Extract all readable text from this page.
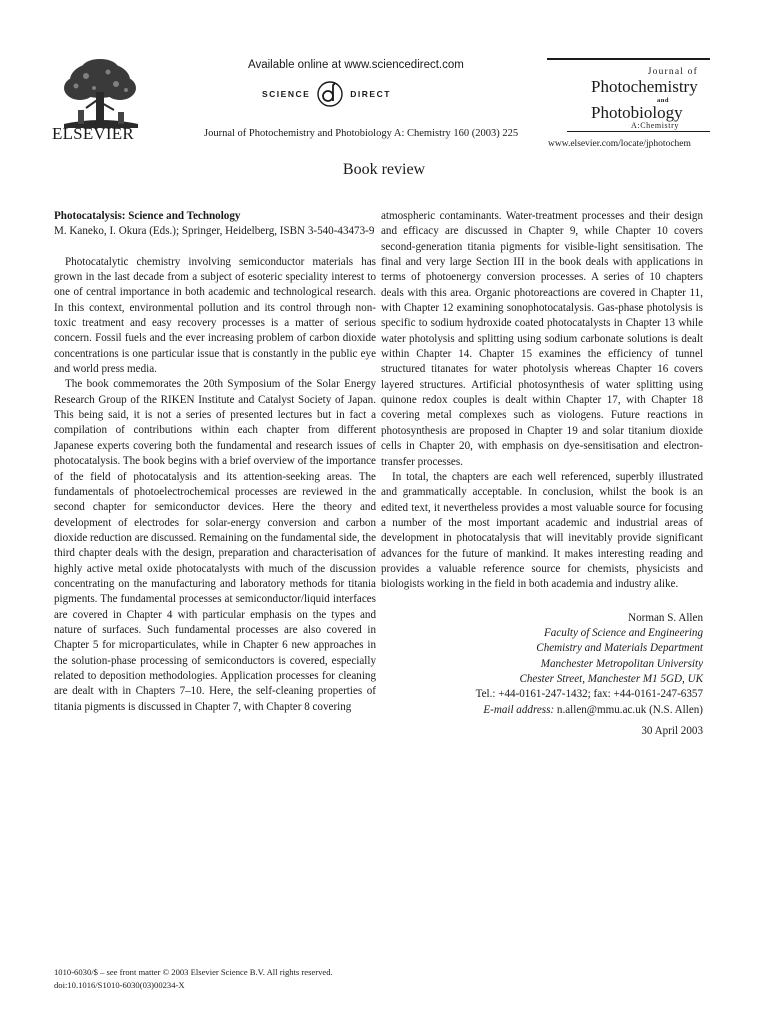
ELSEVIER
Available online at www.sciencedirect.com
SCIENCE	DIRECT
Journal of Photochemistry and Photobiology A: Chemistry 160 (2003) 225
Journal of
Photochemistry
and
Photobiology
A:Chemistry
www.elsevier.com/locate/jphotochem
Book review

Photocatalysis: Science and Technology

M. Kaneko, I. Okura (Eds.); Springer, Heidelberg, ISBN 3-540-43473-9

Photocatalytic chemistry involving semiconductor materials has grown in the last decade from a subject of esoteric speciality interest to one of central importance in both academic and technological research. In this context, environmental pollution and its control through non-toxic treatment and easy recovery processes is a matter of serious concern. Fossil fuels and the ever increasing problem of carbon dioxide concentrations is one particular issue that is constantly in the public eye and world press media.

The book commemorates the 20th Symposium of the Solar Energy Research Group of the RIKEN Institute and Catalyst Society of Japan. This being said, it is not a series of presented lectures but in fact a compilation of contributions within each chapter from different Japanese experts covering both the fundamental and research issues of photocatalysis. The book begins with a brief overview of the importance of the field of photocatalysis and its attention-seeking areas. The fundamentals of photoelectrochemical processes are reviewed in the second chapter for semiconductor devices. Here the theory and development of electrodes for solar-energy conversion and carbon dioxide reduction are discussed. Remaining on the fundamental side, the third chapter deals with the design, preparation and characterisation of highly active metal oxide photocatalysts with much of the discussion concentrating on the manufacturing and laboratory methods for titania pigments. The fundamental processes at semiconductor/liquid interfaces are covered in Chapter 4 with particular emphasis on the types and nature of surfaces. Such fundamental processes are also covered in Chapter 5 for microparticulates, while in Chapter 6 new approaches in the solution-phase processing of semiconductors is covered, especially related to deposition methodologies. Application processes for cleaning are dealt with in Chapters 7–10. Here, the self-cleaning properties of titania pigments is discussed in Chapter 7, with Chapter 8 covering

atmospheric contaminants. Water-treatment processes and their design and efficacy are discussed in Chapter 9, while Chapter 10 covers second-generation titania pigments for visible-light sensitisation. The final and very large Section III in the book deals with applications in terms of photoenergy conversion processes. A series of 10 chapters deals with this area. Organic photoreactions are covered in Chapter 11, with Chapter 12 examining sonophotocatalysis. Gas-phase photolysis is specific to sodium hydroxide coated photocatalysts in Chapter 13 while water photolysis and splitting using sodium carbonate solutions is dealt within Chapter 14. Chapter 15 examines the efficiency of tunnel structured titanates for water photolysis whereas Chapter 16 covers layered structures. Artificial photosynthesis of water splitting using quinone redox couples is dealt within Chapter 17, with Chapter 18 covering metal complexes such as viologens. Future reactions in photosynthesis are proposed in Chapter 19 and solar titanium dioxide cells in Chapter 20, with emphasis on dye-sensitisation and electron-transfer processes.

In total, the chapters are each well referenced, superbly illustrated and grammatically acceptable. In conclusion, whilst the book is an edited text, it nevertheless provides a most valuable source for focusing a number of the most important academic and industrial areas of development in photocatalysis that will inevitably provide significant advances for the future of mankind. It makes interesting reading and provides a valuable reference source for chemists, physicists and biologists working in the field in both academia and industry alike.

Norman S. Allen
Faculty of Science and Engineering
Chemistry and Materials Department
Manchester Metropolitan University
Chester Street, Manchester M1 5GD, UK
Tel.: +44-0161-247-1432; fax: +44-0161-247-6357
E-mail address: n.allen@mmu.ac.uk (N.S. Allen)
30 April 2003
1010-6030/$ – see front matter © 2003 Elsevier Science B.V. All rights reserved.
doi:10.1016/S1010-6030(03)00234-X
